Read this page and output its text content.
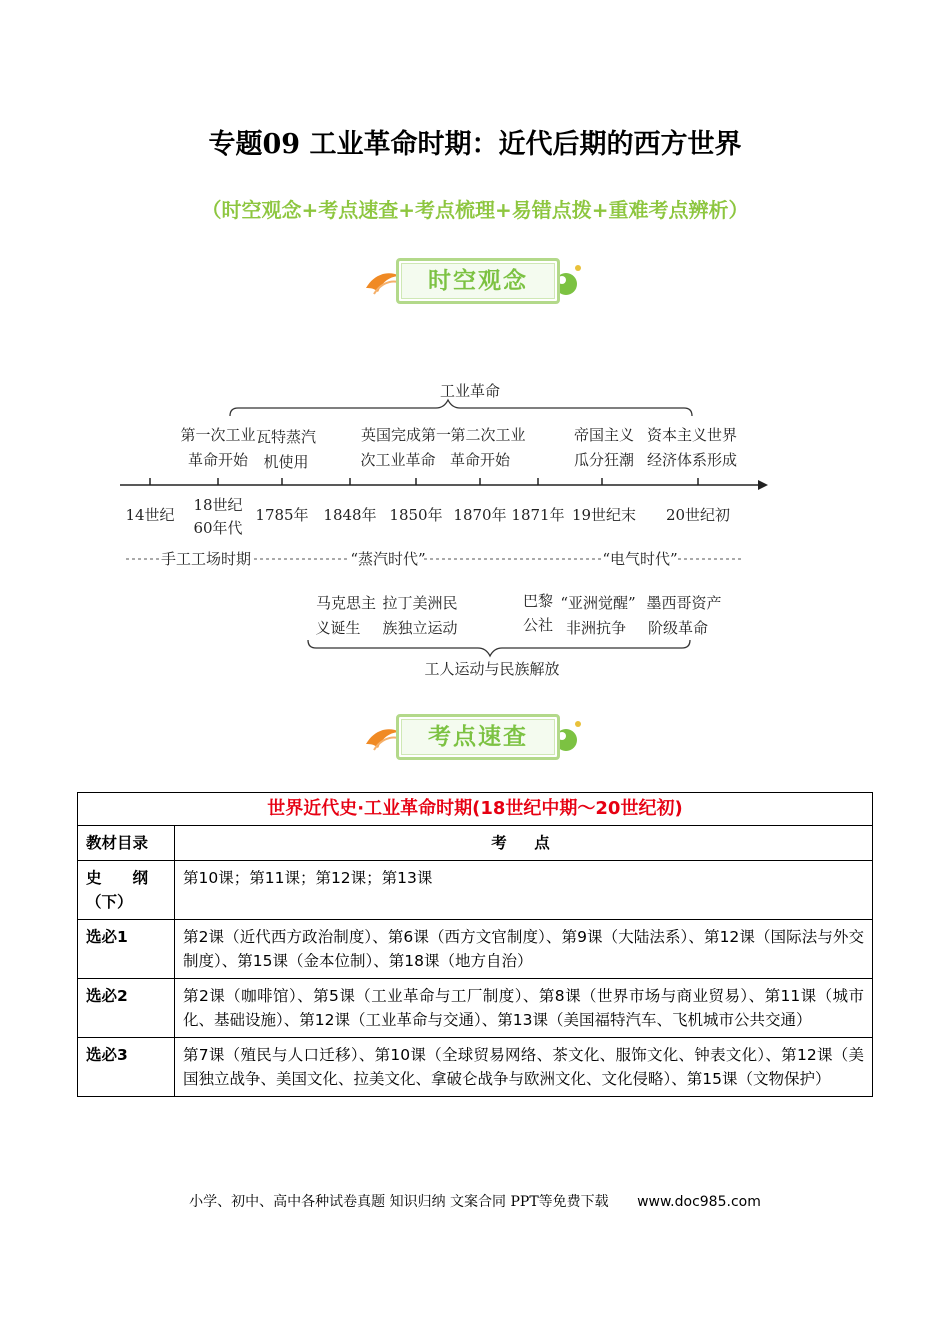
专题09 工业革命时期：近代后期的西方世界
（时空观念+考点速查+考点梳理+易错点拨+重难考点辨析）
时空观念
工业革命
第一次工业
革命开始
瓦特蒸汽
机使用
英国完成第一
次工业革命
第二次工业
革命开始
帝国主义
瓜分狂潮
资本主义世界
经济体系形成
14世纪
18世纪
60年代
1785年 1848年 1850年 1870年 1871年 19世纪末 20世纪初
手工工场时期	“蒸汽时代”	“电气时代”
马克思主
义诞生
拉丁美洲民
族独立运动
巴黎
公社
“亚洲觉醒”
非洲抗争
墨西哥资产
阶级革命
工人运动与民族解放
考点速查
世界近代史·工业革命时期(18世纪中期～20世纪初)	
教材目录	考　点
史　　纲（下）	第10课；第11课；第12课；第13课
选必1	第2课（近代西方政治制度）、第6课（西方文官制度）、第9课（大陆法系）、第12课（国际法与外交制度）、第15课（金本位制）、第18课（地方自治）
选必2	第2课（咖啡馆）、第5课（工业革命与工厂制度）、第8课（世界市场与商业贸易）、第11课（城市化、基础设施）、第12课（工业革命与交通）、第13课（美国福特汽车、飞机城市公共交通）
选必3	第7课（殖民与人口迁移）、第10课（全球贸易网络、茶文化、服饰文化、钟表文化）、第12课（美国独立战争、美国文化、拉美文化、拿破仑战争与欧洲文化、文化侵略）、第15课（文物保护）
小学、初中、高中各种试卷真题 知识归纳 文案合同 PPT等免费下载 www.doc985.com
